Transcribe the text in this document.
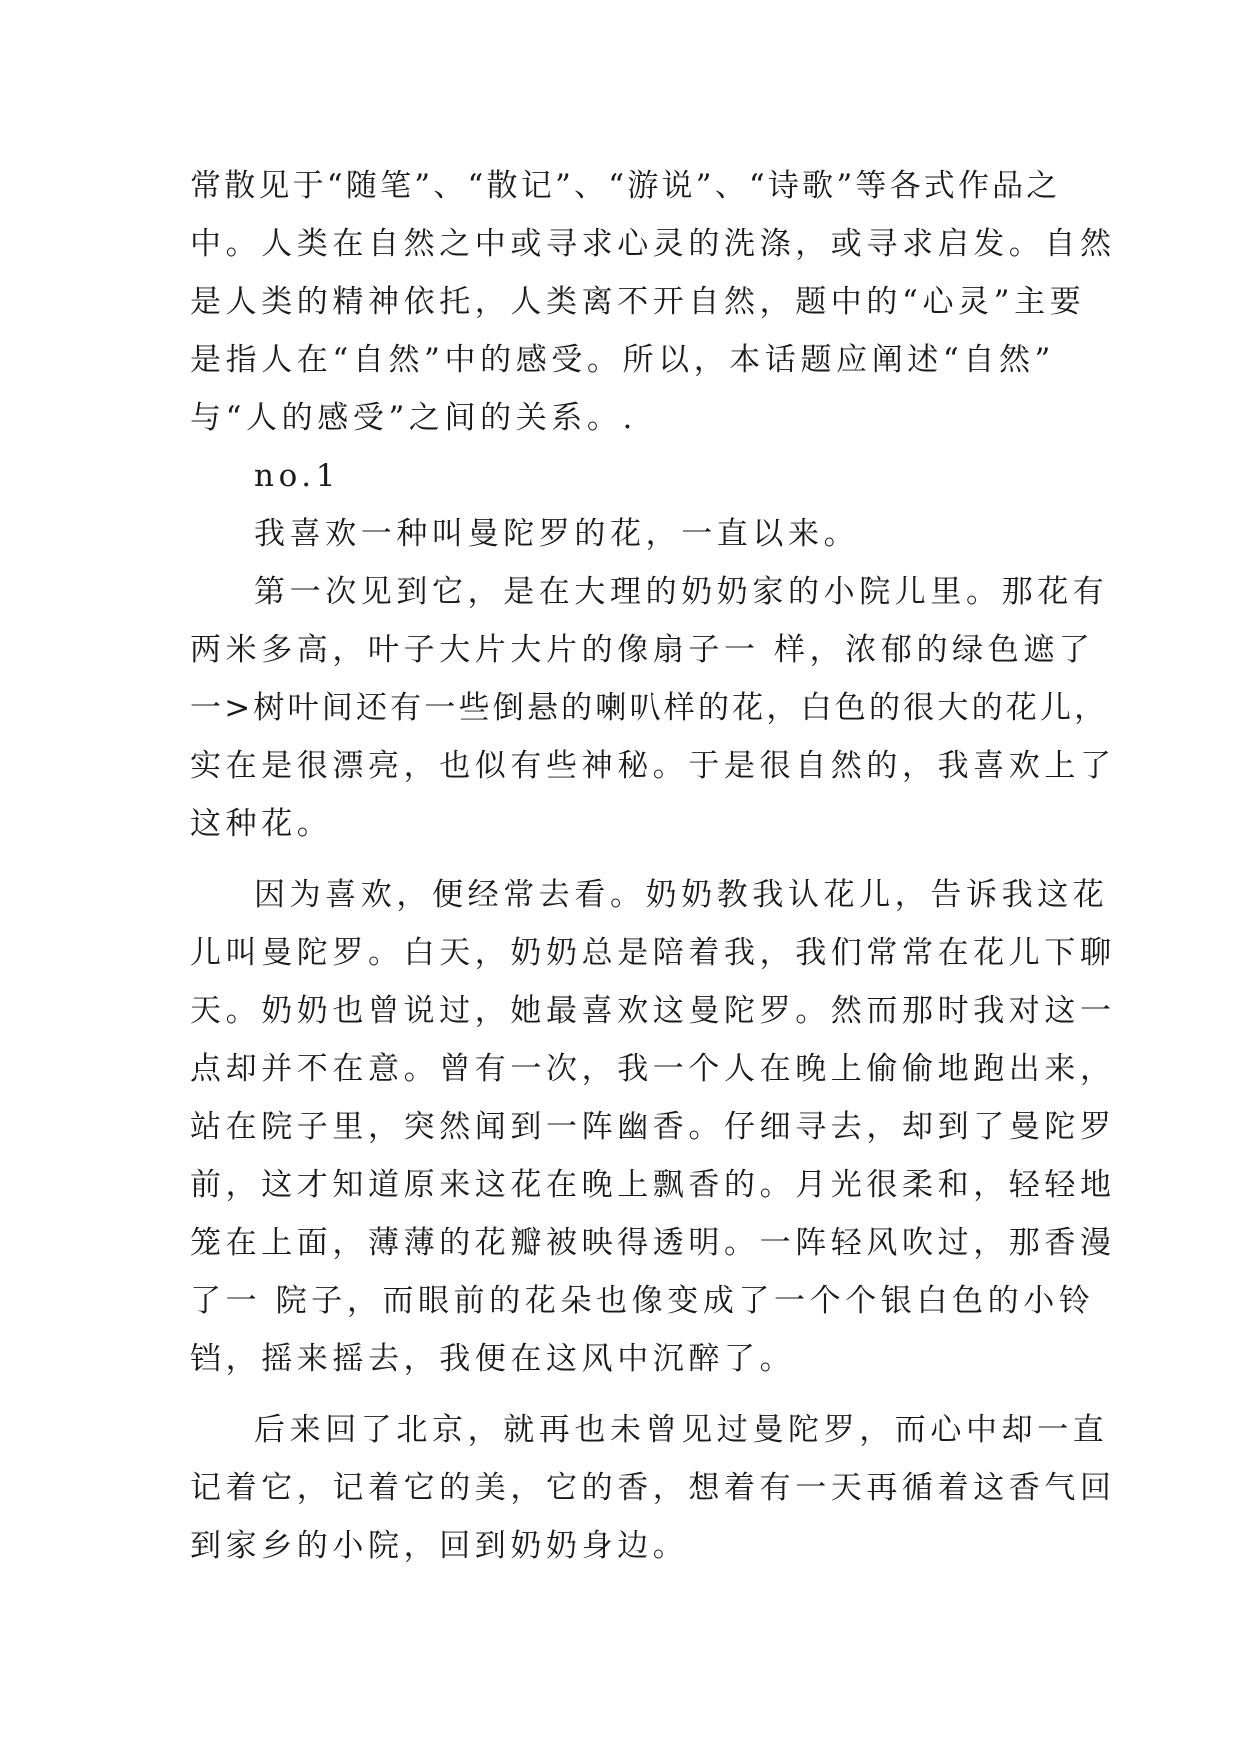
常散见于“随笔”、“散记”、“游说”、“诗歌”等各式作品之
中。人类在自然之中或寻求心灵的洗涤，或寻求启发。自然
是人类的精神依托，人类离不开自然，题中的“心灵”主要
是指人在“自然”中的感受。所以，本话题应阐述“自然”
与“人的感受”之间的关系。.
no.1
我喜欢一种叫曼陀罗的花，一直以来。
第一次见到它，是在大理的奶奶家的小院儿里。那花有
两米多高，叶子大片大片的像扇子一 样，浓郁的绿色遮了
一>树叶间还有一些倒悬的喇叭样的花，白色的很大的花儿，
实在是很漂亮，也似有些神秘。于是很自然的，我喜欢上了
这种花。
因为喜欢，便经常去看。奶奶教我认花儿，告诉我这花
儿叫曼陀罗。白天，奶奶总是陪着我，我们常常在花儿下聊
天。奶奶也曾说过，她最喜欢这曼陀罗。然而那时我对这一
点却并不在意。曾有一次，我一个人在晚上偷偷地跑出来，
站在院子里，突然闻到一阵幽香。仔细寻去，却到了曼陀罗
前，这才知道原来这花在晚上飘香的。月光很柔和，轻轻地
笼在上面，薄薄的花瓣被映得透明。一阵轻风吹过，那香漫
了一 院子，而眼前的花朵也像变成了一个个银白色的小铃
铛，摇来摇去，我便在这风中沉醉了。
后来回了北京，就再也未曾见过曼陀罗，而心中却一直
记着它，记着它的美，它的香，想着有一天再循着这香气回
到家乡的小院，回到奶奶身边。
